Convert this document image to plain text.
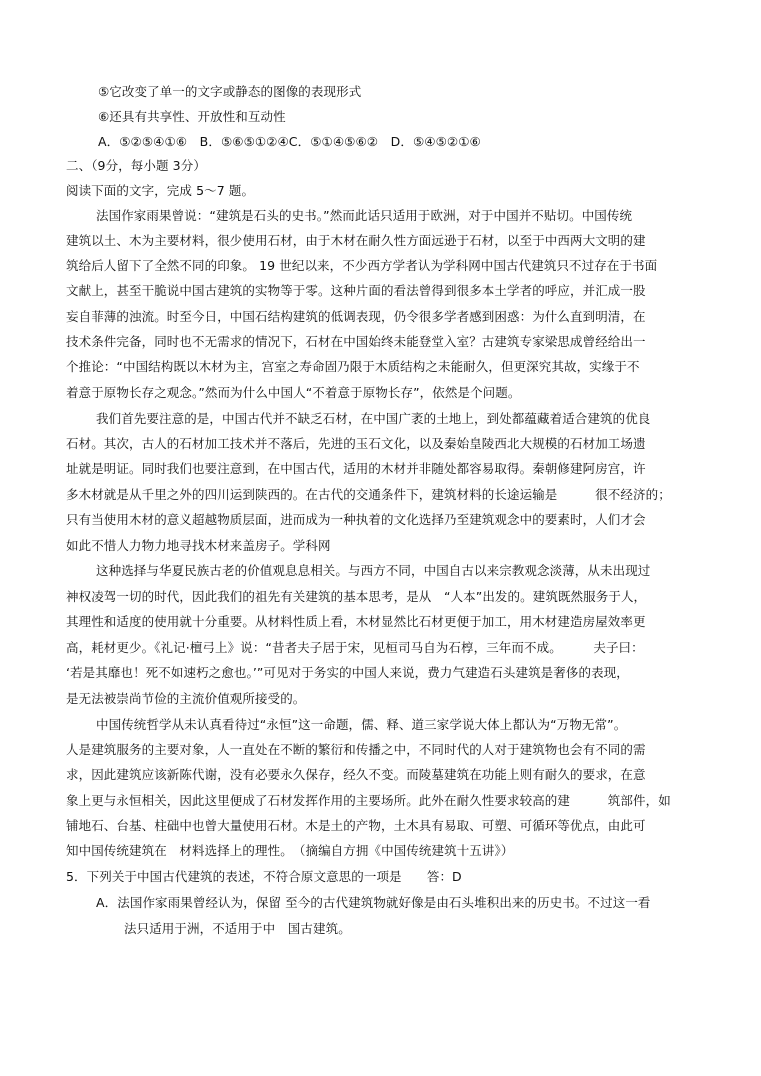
⑤它改变了单一的文字或静态的图像的表现形式
⑥还具有共享性、开放性和互动性
A．⑤②⑤④①⑥　B．⑤⑥⑤①②④C．⑤①④⑤⑥②　D．⑤④⑤②①⑥
二、（9分，每小题 3分）
阅读下面的文字，完成 5～7 题。
法国作家雨果曾说：“建筑是石头的史书。”然而此话只适用于欧洲，对于中国并不贴切。中国传统
建筑以土、木为主要材料，很少使用石材，由于木材在耐久性方面远逊于石材，以至于中西两大文明的建
筑给后人留下了全然不同的印象。 19 世纪以来，不少西方学者认为学科网中国古代建筑只不过存在于书面
文献上，甚至干脆说中国古建筑的实物等于零。这种片面的看法曾得到很多本土学者的呼应，并汇成一股
妄自菲薄的浊流。时至今日，中国石结构建筑的低调表现，仍令很多学者感到困惑：为什么直到明清，在
技术条件完备，同时也不无需求的情况下，石材在中国始终未能登堂入室？古建筑专家梁思成曾经给出一
个推论：“中国结构既以木材为主，宫室之寿命固乃限于木质结构之未能耐久，但更深究其故，实缘于不
着意于原物长存之观念。”然而为什么中国人“不着意于原物长存”，依然是个问题。
我们首先要注意的是，中国古代并不缺乏石材，在中国广袤的土地上，到处都蕴藏着适合建筑的优良
石材。其次，古人的石材加工技术并不落后，先进的玉石文化，以及秦始皇陵西北大规模的石材加工场遗
址就是明证。同时我们也要注意到，在中国古代，适用的木材并非随处都容易取得。秦朝修建阿房宫，许
多木材就是从千里之外的四川运到陕西的。在古代的交通条件下，建筑材料的长途运输是　　　很不经济的；
只有当使用木材的意义超越物质层面，进而成为一种执着的文化选择乃至建筑观念中的要素时，人们才会
如此不惜人力物力地寻找木材来盖房子。学科网
这种选择与华夏民族古老的价值观息息相关。与西方不同，中国自古以来宗教观念淡薄，从未出现过
神权凌驾一切的时代，因此我们的祖先有关建筑的基本思考，是从　“人本”出发的。建筑既然服务于人，
其理性和适度的使用就十分重要。从材料性质上看，木材显然比石材更便于加工，用木材建造房屋效率更
高，耗材更少。《礼记·檀弓上》说：“昔者夫子居于宋，见桓司马自为石椁，三年而不成。　　　夫子曰：
‘若是其靡也！死不如速朽之愈也。’”可见对于务实的中国人来说，费力气建造石头建筑是奢侈的表现，
是无法被崇尚节俭的主流价值观所接受的。
中国传统哲学从未认真看待过“永恒”这一命题，儒、释、道三家学说大体上都认为“万物无常”。
人是建筑服务的主要对象，人一直处在不断的繁衍和传播之中，不同时代的人对于建筑物也会有不同的需
求，因此建筑应该新陈代谢，没有必要永久保存，经久不变。而陵墓建筑在功能上则有耐久的要求，在意
象上更与永恒相关，因此这里便成了石材发挥作用的主要场所。此外在耐久性要求较高的建　　　筑部件，如
铺地石、台基、柱础中也曾大量使用石材。木是土的产物，土木具有易取、可塑、可循环等优点，由此可
知中国传统建筑在　材料选择上的理性。　（摘编自方拥《中国传统建筑十五讲》）
5．下列关于中国古代建筑的表述，不符合原文意思的一项是　　答：D
A．法国作家雨果曾经认为，保留 至今的古代建筑物就好像是由石头堆积出来的历史书。不过这一看
法只适用于洲，不适用于中　国古建筑。
